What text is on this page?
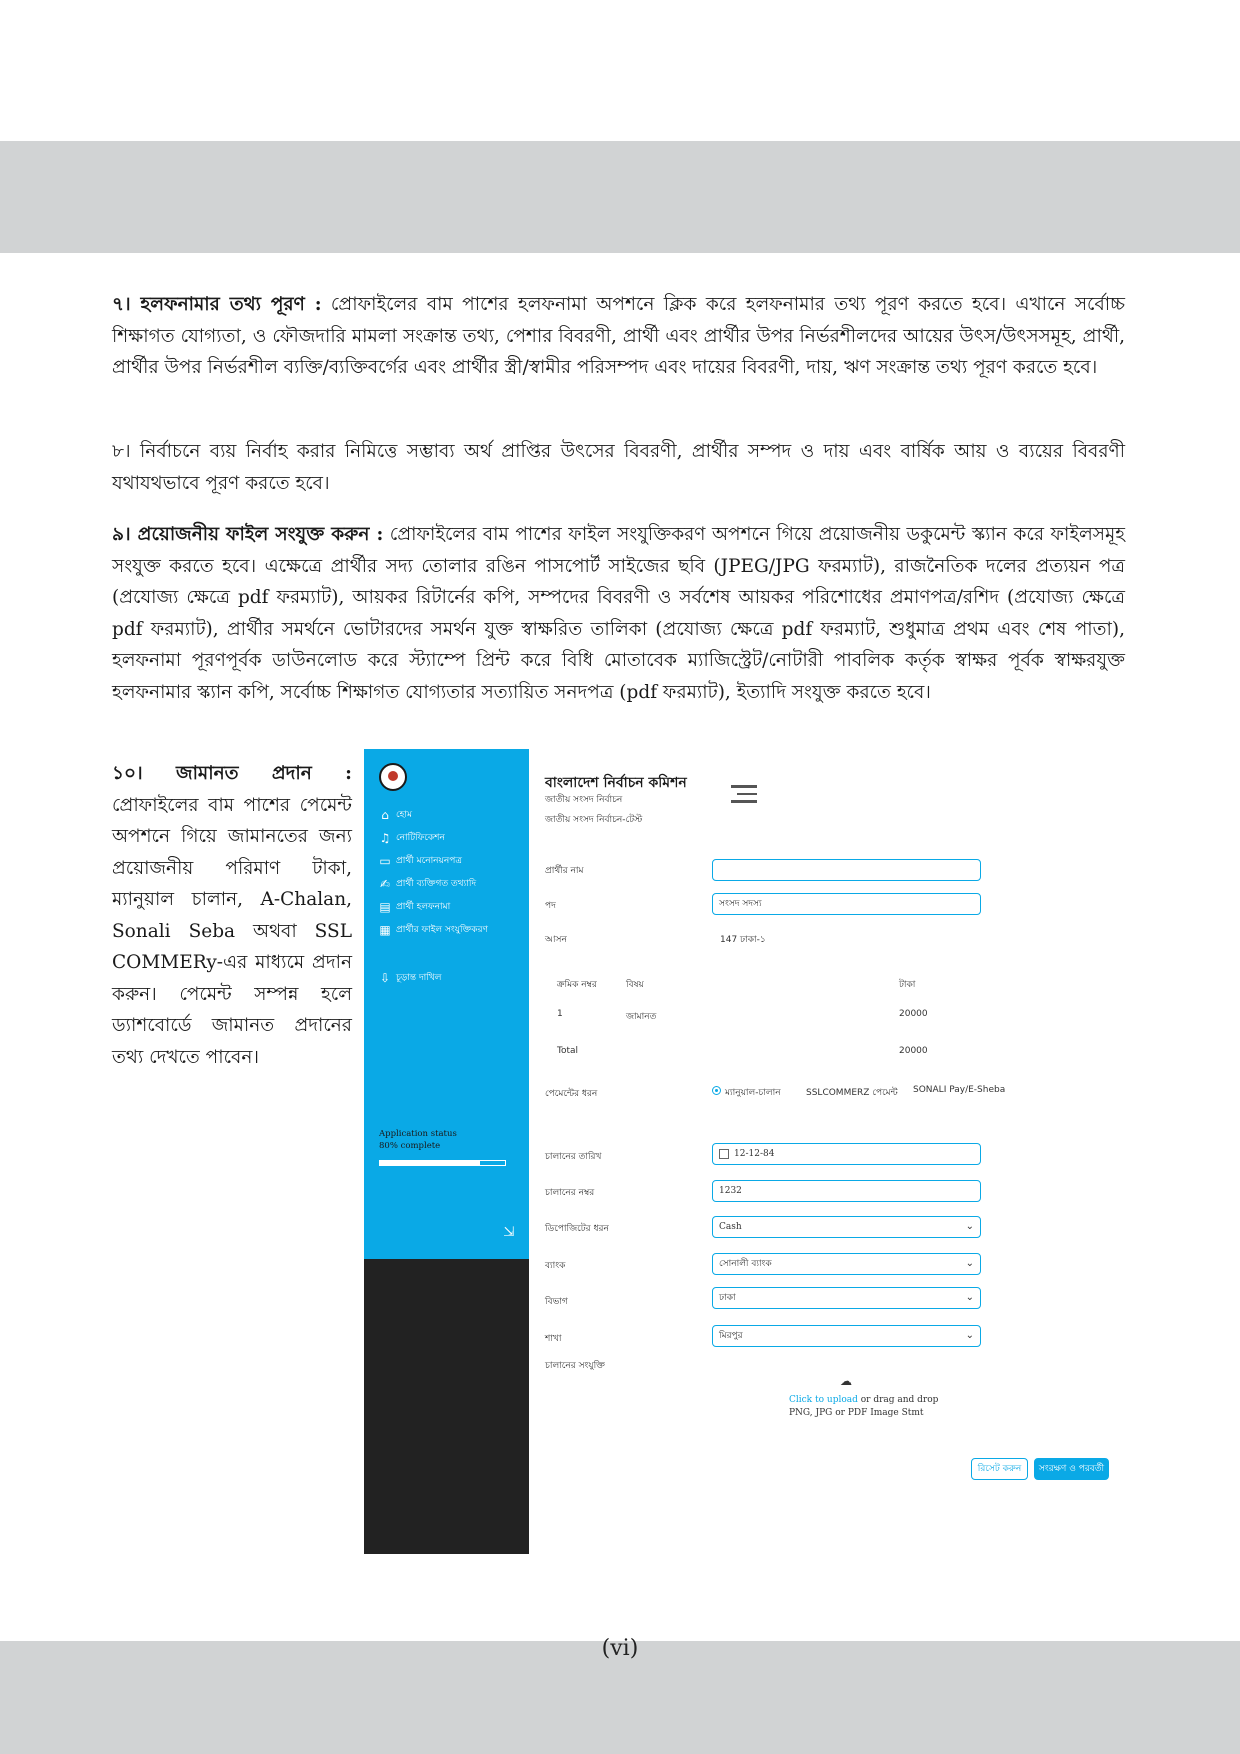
৭। হলফনামার তথ্য পূরণ : প্রোফাইলের বাম পাশের হলফনামা অপশনে ক্লিক করে হলফনামার তথ্য পূরণ করতে হবে। এখানে সর্বোচ্চ শিক্ষাগত যোগ্যতা, ও ফৌজদারি মামলা সংক্রান্ত তথ্য, পেশার বিবরণী, প্রার্থী এবং প্রার্থীর উপর নির্ভরশীলদের আয়ের উৎস/উৎসসমূহ, প্রার্থী, প্রার্থীর উপর নির্ভরশীল ব্যক্তি/ব্যক্তিবর্গের এবং প্রার্থীর স্ত্রী/স্বামীর পরিসম্পদ এবং দায়ের বিবরণী, দায়, ঋণ সংক্রান্ত তথ্য পূরণ করতে হবে।

৮। নির্বাচনে ব্যয় নির্বাহ করার নিমিত্তে সম্ভাব্য অর্থ প্রাপ্তির উৎসের বিবরণী, প্রার্থীর সম্পদ ও দায় এবং বার্ষিক আয় ও ব্যয়ের বিবরণী যথাযথভাবে পূরণ করতে হবে।

৯। প্রয়োজনীয় ফাইল সংযুক্ত করুন : প্রোফাইলের বাম পাশের ফাইল সংযুক্তিকরণ অপশনে গিয়ে প্রয়োজনীয় ডকুমেন্ট স্ক্যান করে ফাইলসমূহ সংযুক্ত করতে হবে। এক্ষেত্রে প্রার্থীর সদ্য তোলার রঙিন পাসপোর্ট সাইজের ছবি (JPEG/JPG ফরম্যাট), রাজনৈতিক দলের প্রত্যয়ন পত্র (প্রযোজ্য ক্ষেত্রে pdf ফরম্যাট), আয়কর রিটার্নের কপি, সম্পদের বিবরণী ও সর্বশেষ আয়কর পরিশোধের প্রমাণপত্র/রশিদ (প্রযোজ্য ক্ষেত্রে pdf ফরম্যাট), প্রার্থীর সমর্থনে ভোটারদের সমর্থন যুক্ত স্বাক্ষরিত তালিকা (প্রযোজ্য ক্ষেত্রে pdf ফরম্যাট, শুধুমাত্র প্রথম এবং শেষ পাতা), হলফনামা পূরণপূর্বক ডাউনলোড করে স্ট্যাম্পে প্রিন্ট করে বিধি মোতাবেক ম্যাজিস্ট্রেট/নোটারী পাবলিক কর্তৃক স্বাক্ষর পূর্বক স্বাক্ষরযুক্ত হলফনামার স্ক্যান কপি, সর্বোচ্চ শিক্ষাগত যোগ্যতার সত্যায়িত সনদপত্র (pdf ফরম্যাট), ইত্যাদি সংযুক্ত করতে হবে।

১০। জামানত প্রদান : প্রোফাইলের বাম পাশের পেমেন্ট অপশনে গিয়ে জামানতের জন্য প্রয়োজনীয় পরিমাণ টাকা, ম্যানুয়াল চালান, A-Chalan, Sonali Seba অথবা SSL COMMERy-এর মাধ্যমে প্রদান করুন। পেমেন্ট সম্পন্ন হলে ড্যাশবোর্ডে জামানত প্রদানের তথ্য দেখতে পাবেন।

⌂ হোম
♫ নোটিফিকেশন
▭ প্রার্থী মনোনয়নপত্র
✍ প্রার্থী ব্যক্তিগত তথ্যাদি
▤ প্রার্থী হলফনামা
▦ প্রার্থীর ফাইল সংযুক্তিকরণ
⇩ চূড়ান্ত দাখিল
Application status
80% complete
⇲
বাংলাদেশ নির্বাচন কমিশন
জাতীয় সংসদ নির্বাচন
জাতীয় সংসদ নির্বাচন-টেস্ট
প্রার্থীর নাম
পদ	সংসদ সদস্য
আসন	147 ঢাকা-১
ক্রমিক নম্বর	বিষয়	টাকা
1	জামানত	20000
Total	20000
পেমেন্টের ধরন	ম্যানুয়াল-চালান	SSLCOMMERZ পেমেন্ট SONALI Pay/E-Sheba
চালানের তারিখ	12-12-84
চালানের নম্বর	1232
ডিপোজিটের ধরন	Cash	⌄
ব্যাংক	সোনালী ব্যাংক	⌄
বিভাগ	ঢাকা	⌄
শাখা	মিরপুর	⌄
চালানের সংযুক্তি
☁
Click to upload or drag and drop
PNG, JPG or PDF Image Stmt
রিসেট করুন	সংরক্ষণ ও পরবর্তী
(vi)
